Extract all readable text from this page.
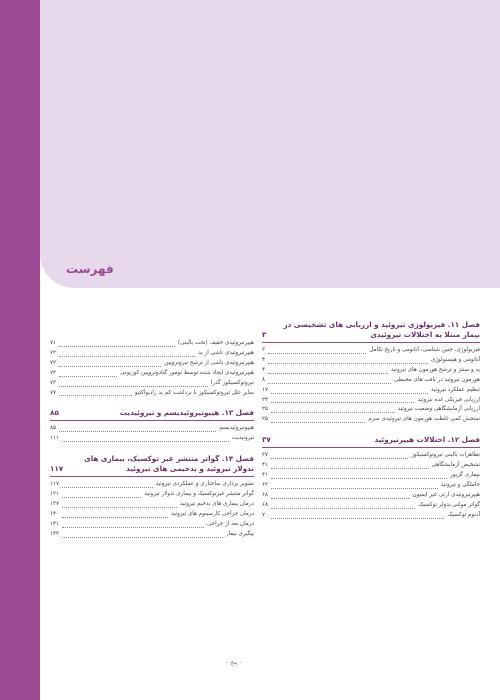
فهرست
فصل ۱۱. فیزیولوژی تیروئید و ارزیابی های تشخیصی در بیمار مبتلا به اختلالات تیروئیدی
۳
فیزیولوژی، جنین شناسی، آناتومی و تاریخ تکامل
۳
آناتومی و هیستولوژی
۴
ید و سنتز و ترشح هورمون های تیروئید
۴
هورمون تیروئید در بافت های محیطی
۸
تنظیم عملکرد تیروئید
۱۷
ارزیابی فیزیکی غده تیروئید
۲۴
ارزیابی آزمایشگاهی وضعیت تیروئید
۲۵
سنجش کمی غلظت هورمون های تیروئیدی سرم
۲۵
فصل ۱۲. اختلالات هیپرتیروئید
۳۷
تظاهرات بالینی تیروتوکسیکوز
۳۷
تشخیص آزمایشگاهی
۴۱
بیماری گریوز
۴۱
حاملگی و تیروئید
۶۳
هیپرتیروئیدی ارثی غیر ایمیون
۶۸
گواتر مولتی ندولر توکسیک
۶۸
آدنوم توکسیک
۷۰
هیپرتیروئیدی خفیف (تحت بالینی)
۷۱
هیپرتیروئیدی ناشی از ید
۷۲
هیپرتیروئیدی ناشی از ترشح تیروتروپین
۷۲
هیپرتیروئیدی ایجاد شده توسط تومور گنادوتروپین کوریونی
۷۳
تیروتوکسیکوز گذرا
۷۳
سایر علل تیروتوکسیکوز با برداشت کم ید رادیواکتیو
۷۷
فصل ۱۳. هیپوتیروئیدیسم و تیروئیدیت
۸۵
هیپوتیروئیدیسم
۸۵
تیروئیدیت
۱۱۱
فصل ۱۴. گواتر منتشر غیر توکسیک، بیماری های ندولار تیروئید و بدخیمی های تیروئید
۱۱۷
تصویر برداری ساختاری و عملکردی تیروئید
۱۱۷
گواتر منتشر غیرتوکسیک و بیماری ندولار تیروئید
۱۲۱
درمان بیماری های بدخیم تیروئید
۱۳۷
درمان جراحی کارسینوم های تیروئید
۱۴۰
درمان بعد از جراحی
۱۴۱
پیگیری بیمار
۱۴۳
- پنج -
